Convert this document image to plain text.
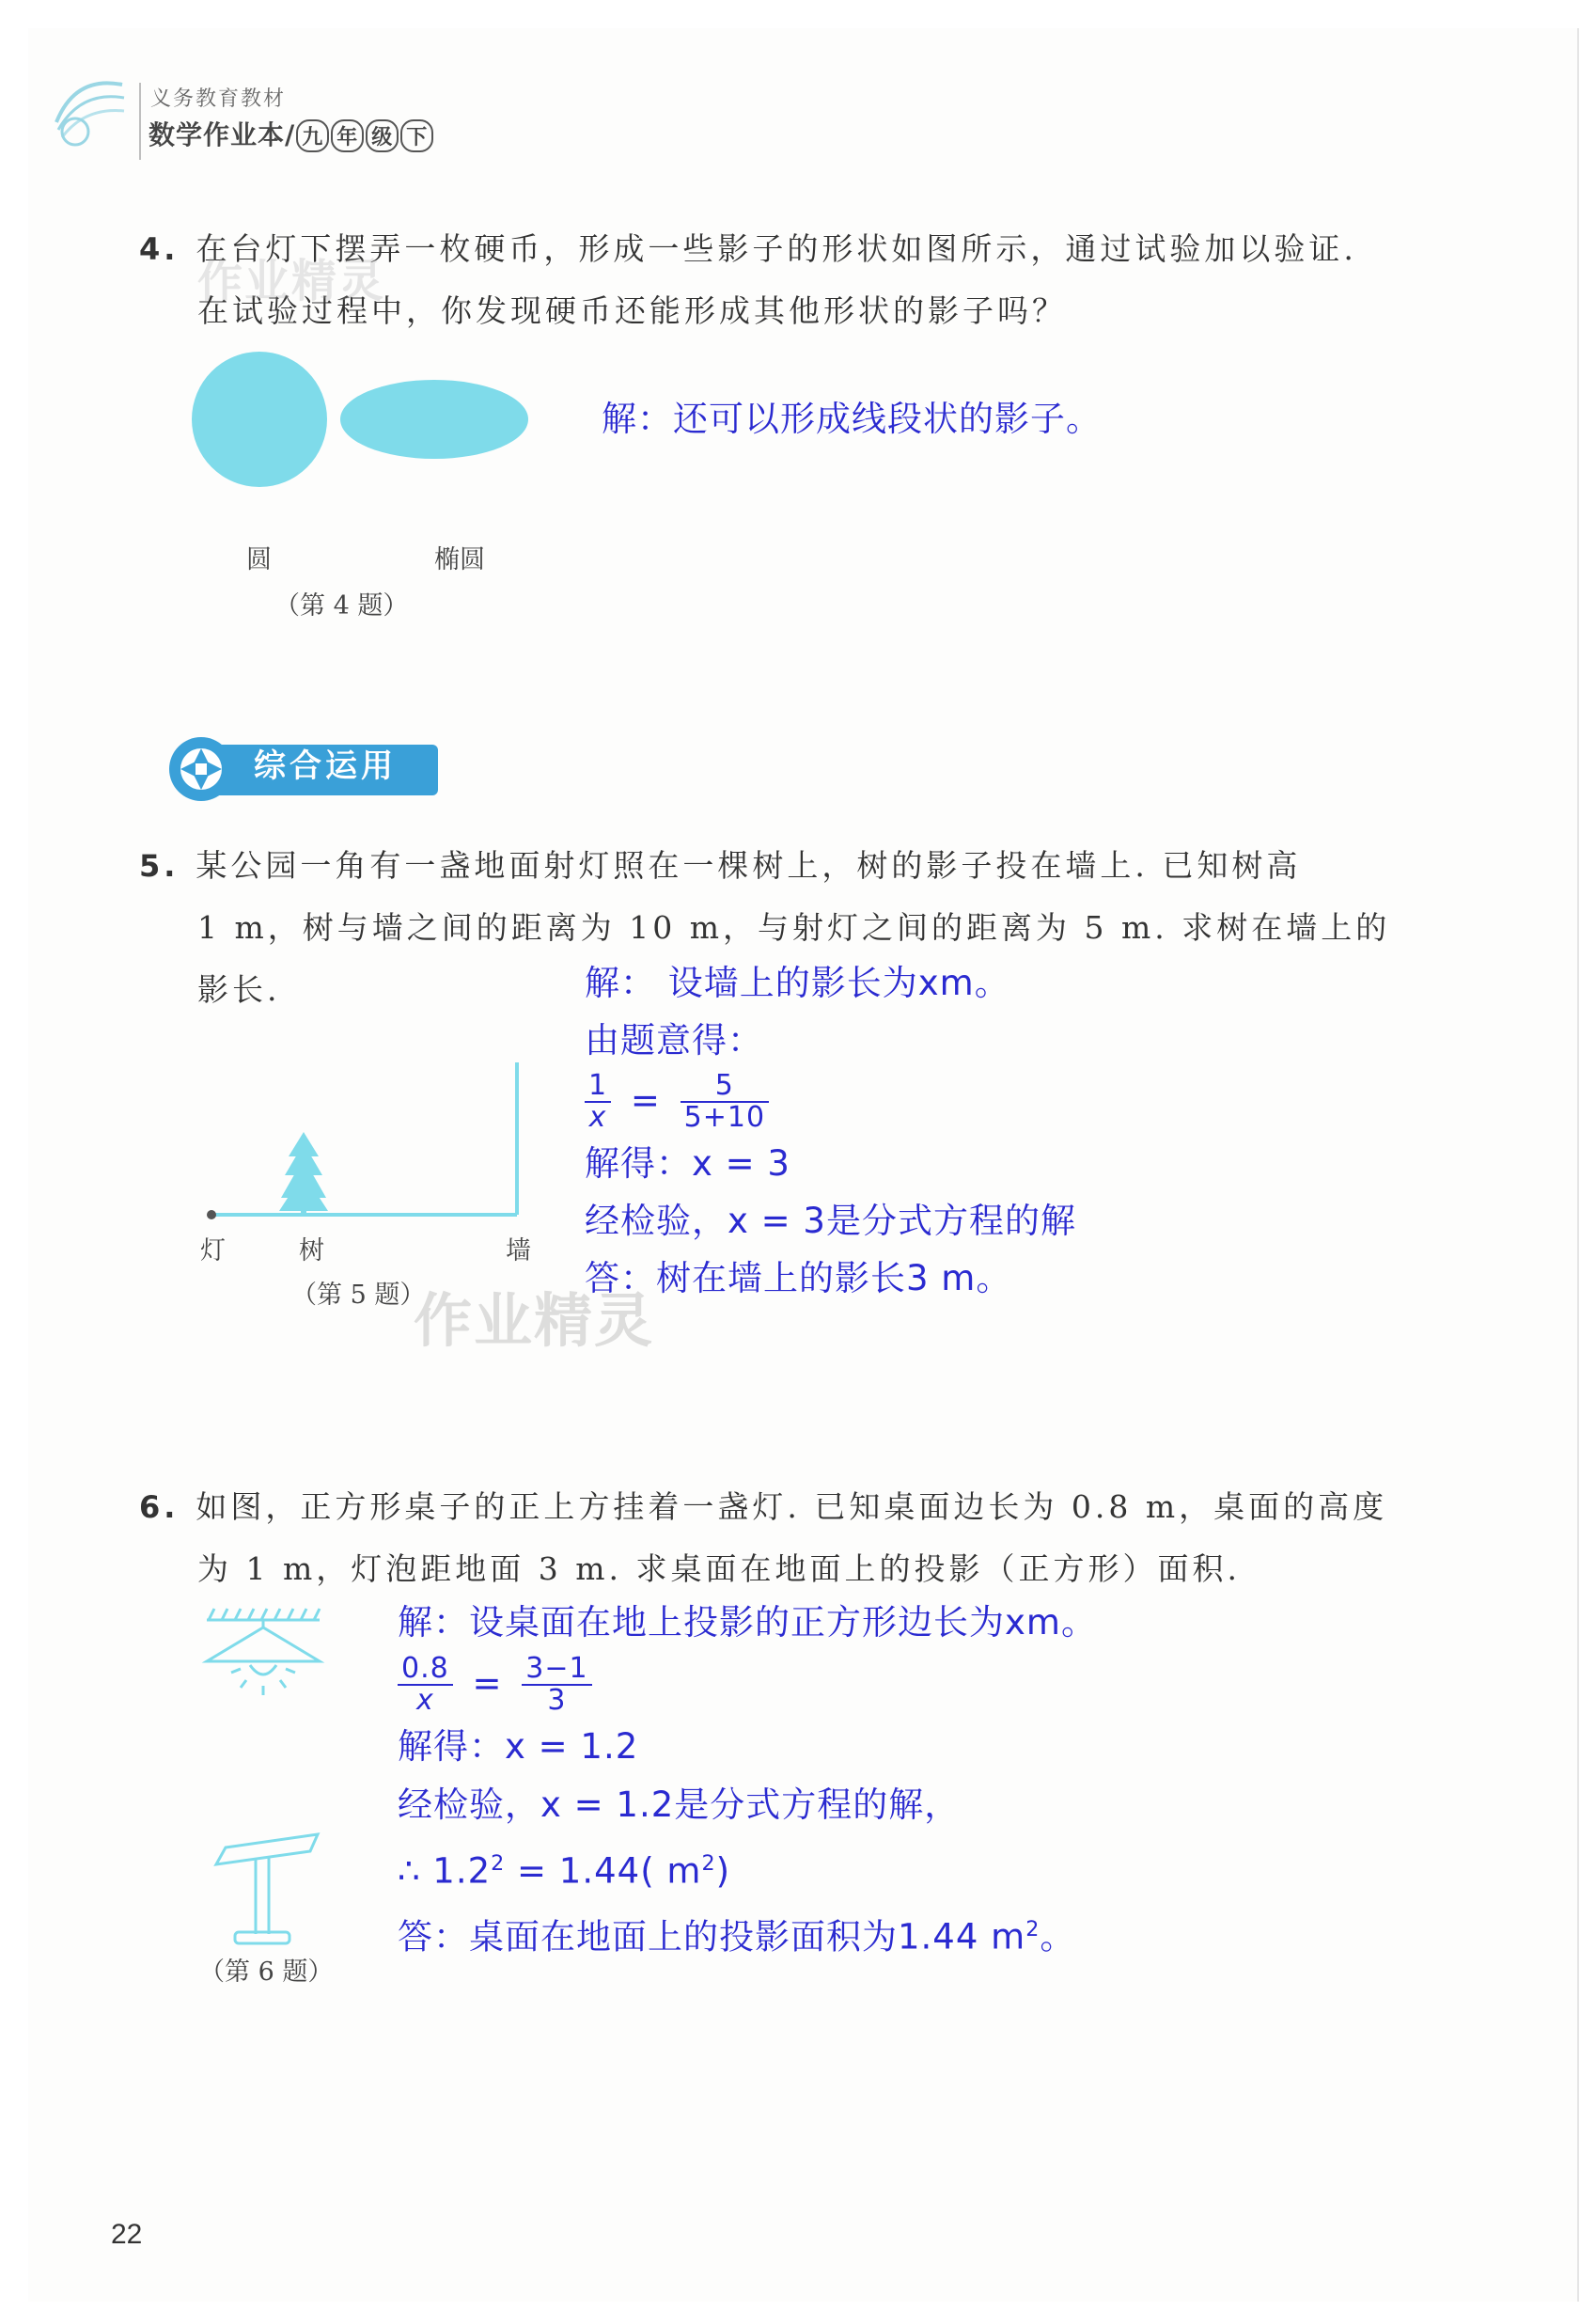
义务教育教材
数学作业本/ 九 年 级 下
4. 在台灯下摆弄一枚硬币，形成一些影子的形状如图所示，通过试验加以验证.
在试验过程中，你发现硬币还能形成其他形状的影子吗？
圆	椭圆
（第 4 题）
解：还可以形成线段状的影子。
综合运用
5. 某公园一角有一盏地面射灯照在一棵树上，树的影子投在墙上. 已知树高
1 m，树与墙之间的距离为 10 m，与射灯之间的距离为 5 m. 求树在墙上的
影长.
灯	树	墙
（第 5 题）
解： 设墙上的影长为xm。
由题意得：
$\frac{1}{x} = \frac{5}{5+10}$
解得：x = 3
经检验，x = 3是分式方程的解
答：树在墙上的影长3 m。
作业精灵
作业精灵
6. 如图，正方形桌子的正上方挂着一盏灯. 已知桌面边长为 0.8 m，桌面的高度
为 1 m，灯泡距地面 3 m. 求桌面在地面上的投影（正方形）面积.
（第 6 题）
解：设桌面在地上投影的正方形边长为xm。
$\frac{0.8}{x} = \frac{3-1}{3}$
解得：x = 1.2
经检验，x = 1.2是分式方程的解，
∴ $1.2^2 = 1.44$( $m^2$)
答：桌面在地面上的投影面积为1.44 $m^2$。
22
